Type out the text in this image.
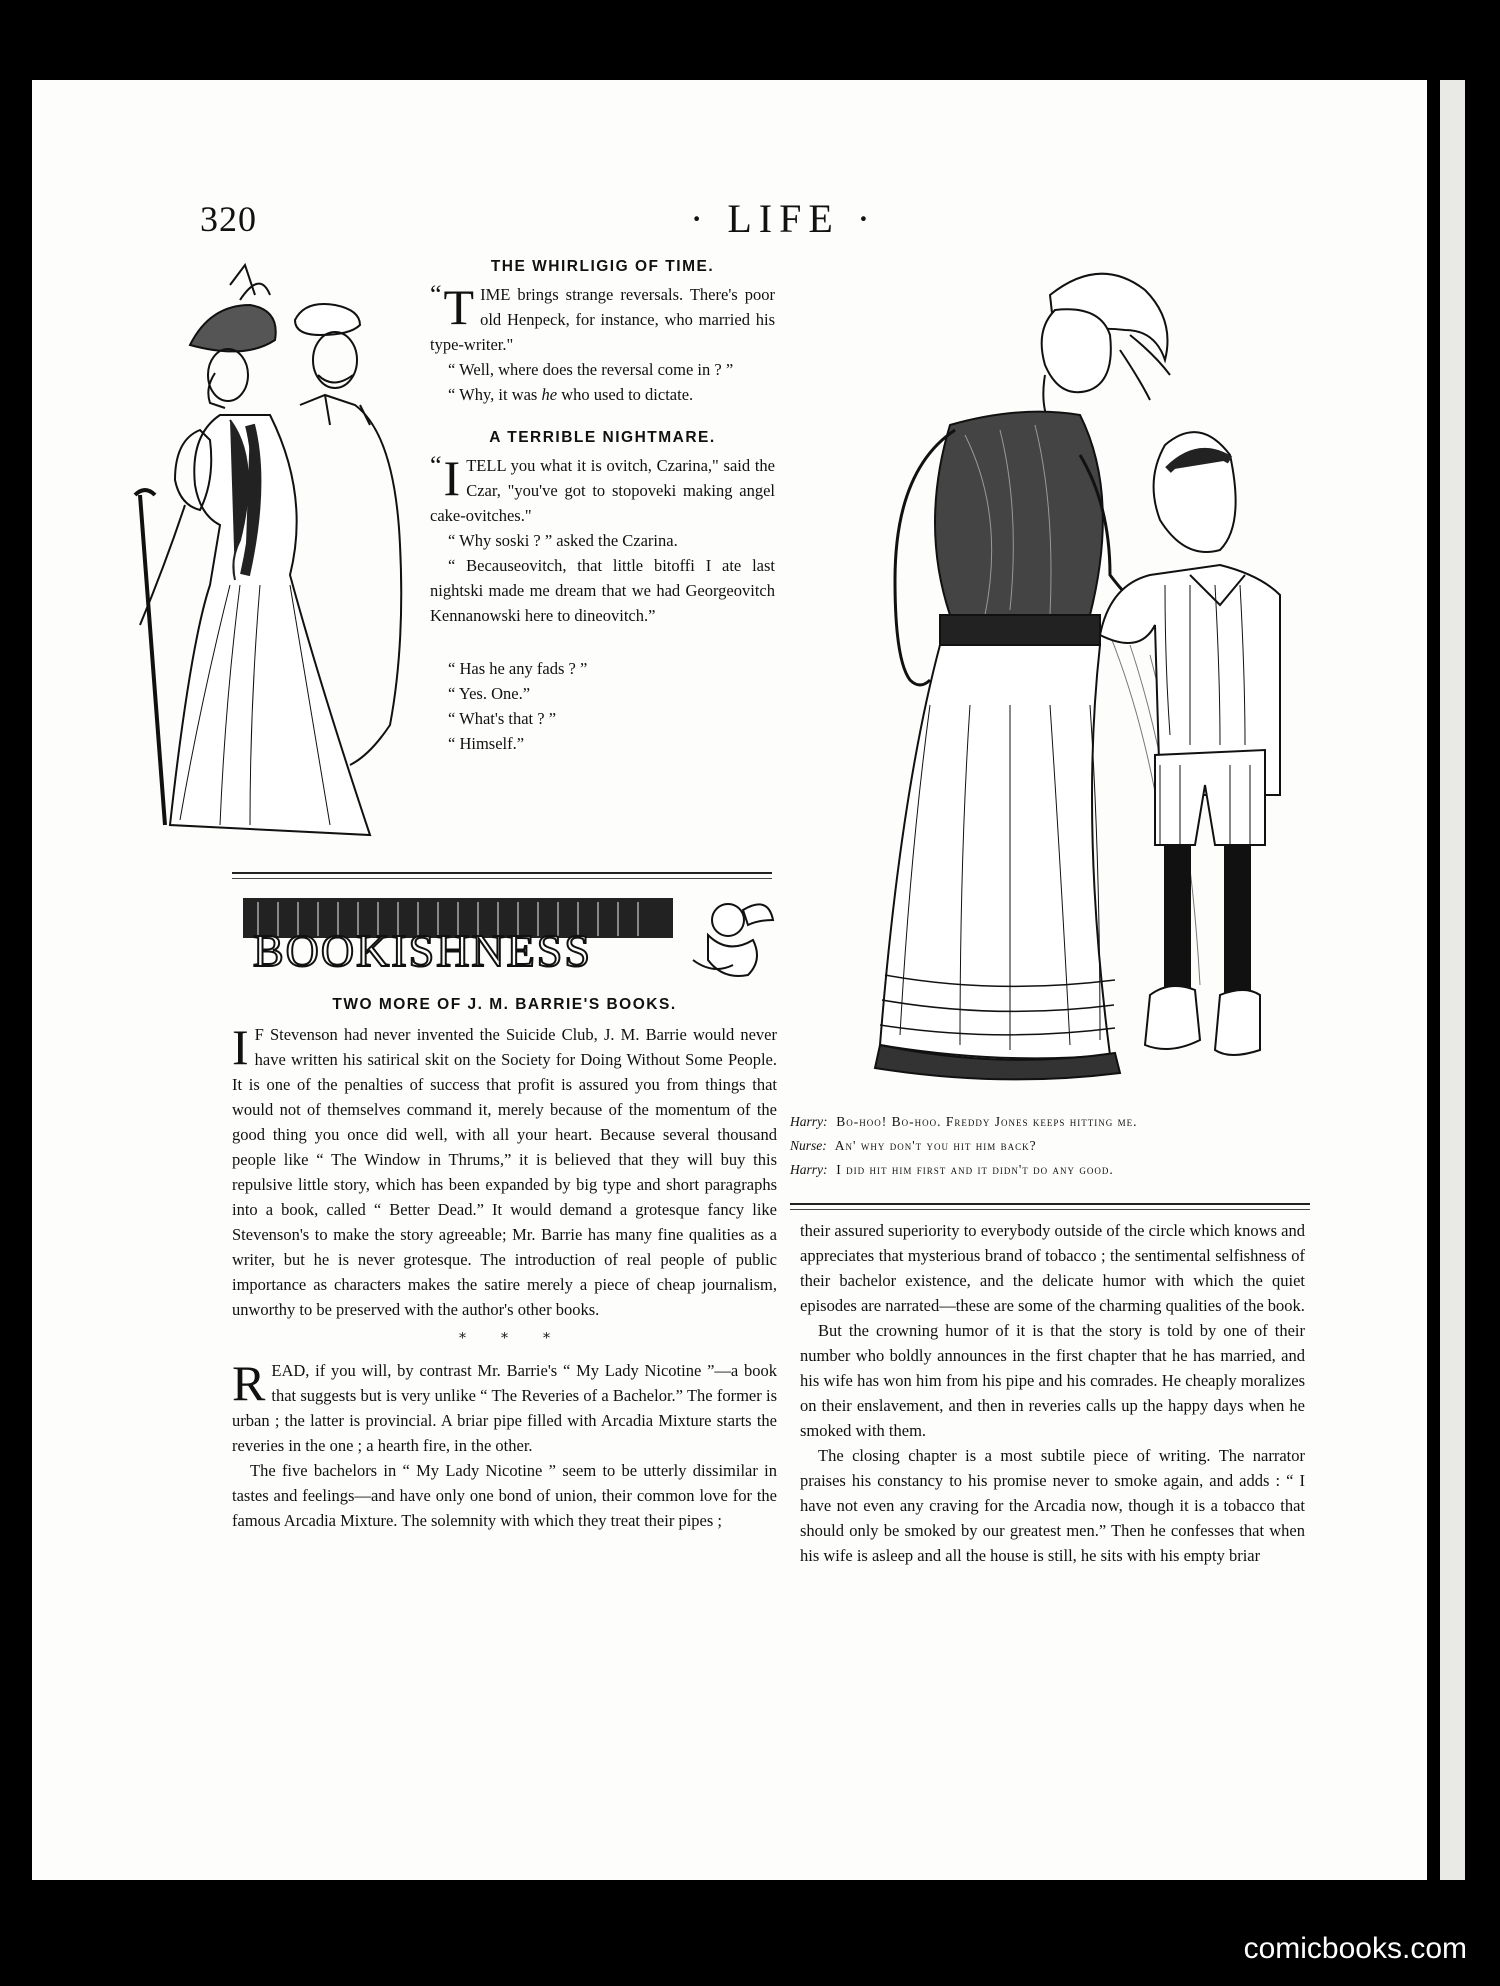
320	· LIFE ·
THE WHIRLIGIG OF TIME.

“ T IME brings strange reversals. There's poor old Henpeck, for instance, who married his type-writer."

“ Well, where does the reversal come in ? ”

“ Why, it was he who used to dictate.

A TERRIBLE NIGHTMARE.

“ I TELL you what it is ovitch, Czarina," said the Czar, "you've got to stopoveki making angel cake-ovitches."

“ Why soski ? ” asked the Czarina.

“ Becauseovitch, that little bitoffi I ate last nightski made me dream that we had Georgeovitch Kennanowski here to dineovitch.”

“ Has he any fads ? ”

“ Yes. One.”

“ What's that ? ”

“ Himself.”

BOOKISHNESS
TWO MORE OF J. M. BARRIE'S BOOKS.

I F Stevenson had never invented the Suicide Club, J. M. Barrie would never have written his satirical skit on the Society for Doing Without Some People. It is one of the penalties of success that profit is assured you from things that would not of themselves command it, merely because of the momentum of the good thing you once did well, with all your heart. Because several thousand people like “ The Window in Thrums,” it is believed that they will buy this repulsive little story, which has been expanded by big type and short paragraphs into a book, called “ Better Dead.” It would demand a grotesque fancy like Stevenson's to make the story agreeable; Mr. Barrie has many fine qualities as a writer, but he is never grotesque. The introduction of real people of public importance as characters makes the satire merely a piece of cheap journalism, unworthy to be preserved with the author's other books.

⁎          ⁎          ⁎

R EAD, if you will, by contrast Mr. Barrie's “ My Lady Nicotine ”—a book that suggests but is very unlike “ The Reveries of a Bachelor.” The former is urban ; the latter is provincial. A briar pipe filled with Arcadia Mixture starts the reveries in the one ; a hearth fire, in the other.

The five bachelors in “ My Lady Nicotine ” seem to be utterly dissimilar in tastes and feelings—and have only one bond of union, their common love for the famous Arcadia Mixture. The solemnity with which they treat their pipes ;

Harry: Bo-hoo! Bo-hoo. Freddy Jones keeps hitting me.
Nurse: An' why don't you hit him back?
Harry: I did hit him first and it didn't do any good.

their assured superiority to everybody outside of the circle which knows and appreciates that mysterious brand of tobacco ; the sentimental selfishness of their bachelor existence, and the delicate humor with which the quiet episodes are narrated—these are some of the charming qualities of the book.

But the crowning humor of it is that the story is told by one of their number who boldly announces in the first chapter that he has married, and his wife has won him from his pipe and his comrades. He cheaply moralizes on their enslavement, and then in reveries calls up the happy days when he smoked with them.

The closing chapter is a most subtile piece of writing. The narrator praises his constancy to his promise never to smoke again, and adds : “ I have not even any craving for the Arcadia now, though it is a tobacco that should only be smoked by our greatest men.” Then he confesses that when his wife is asleep and all the house is still, he sits with his empty briar

comicbooks.com
